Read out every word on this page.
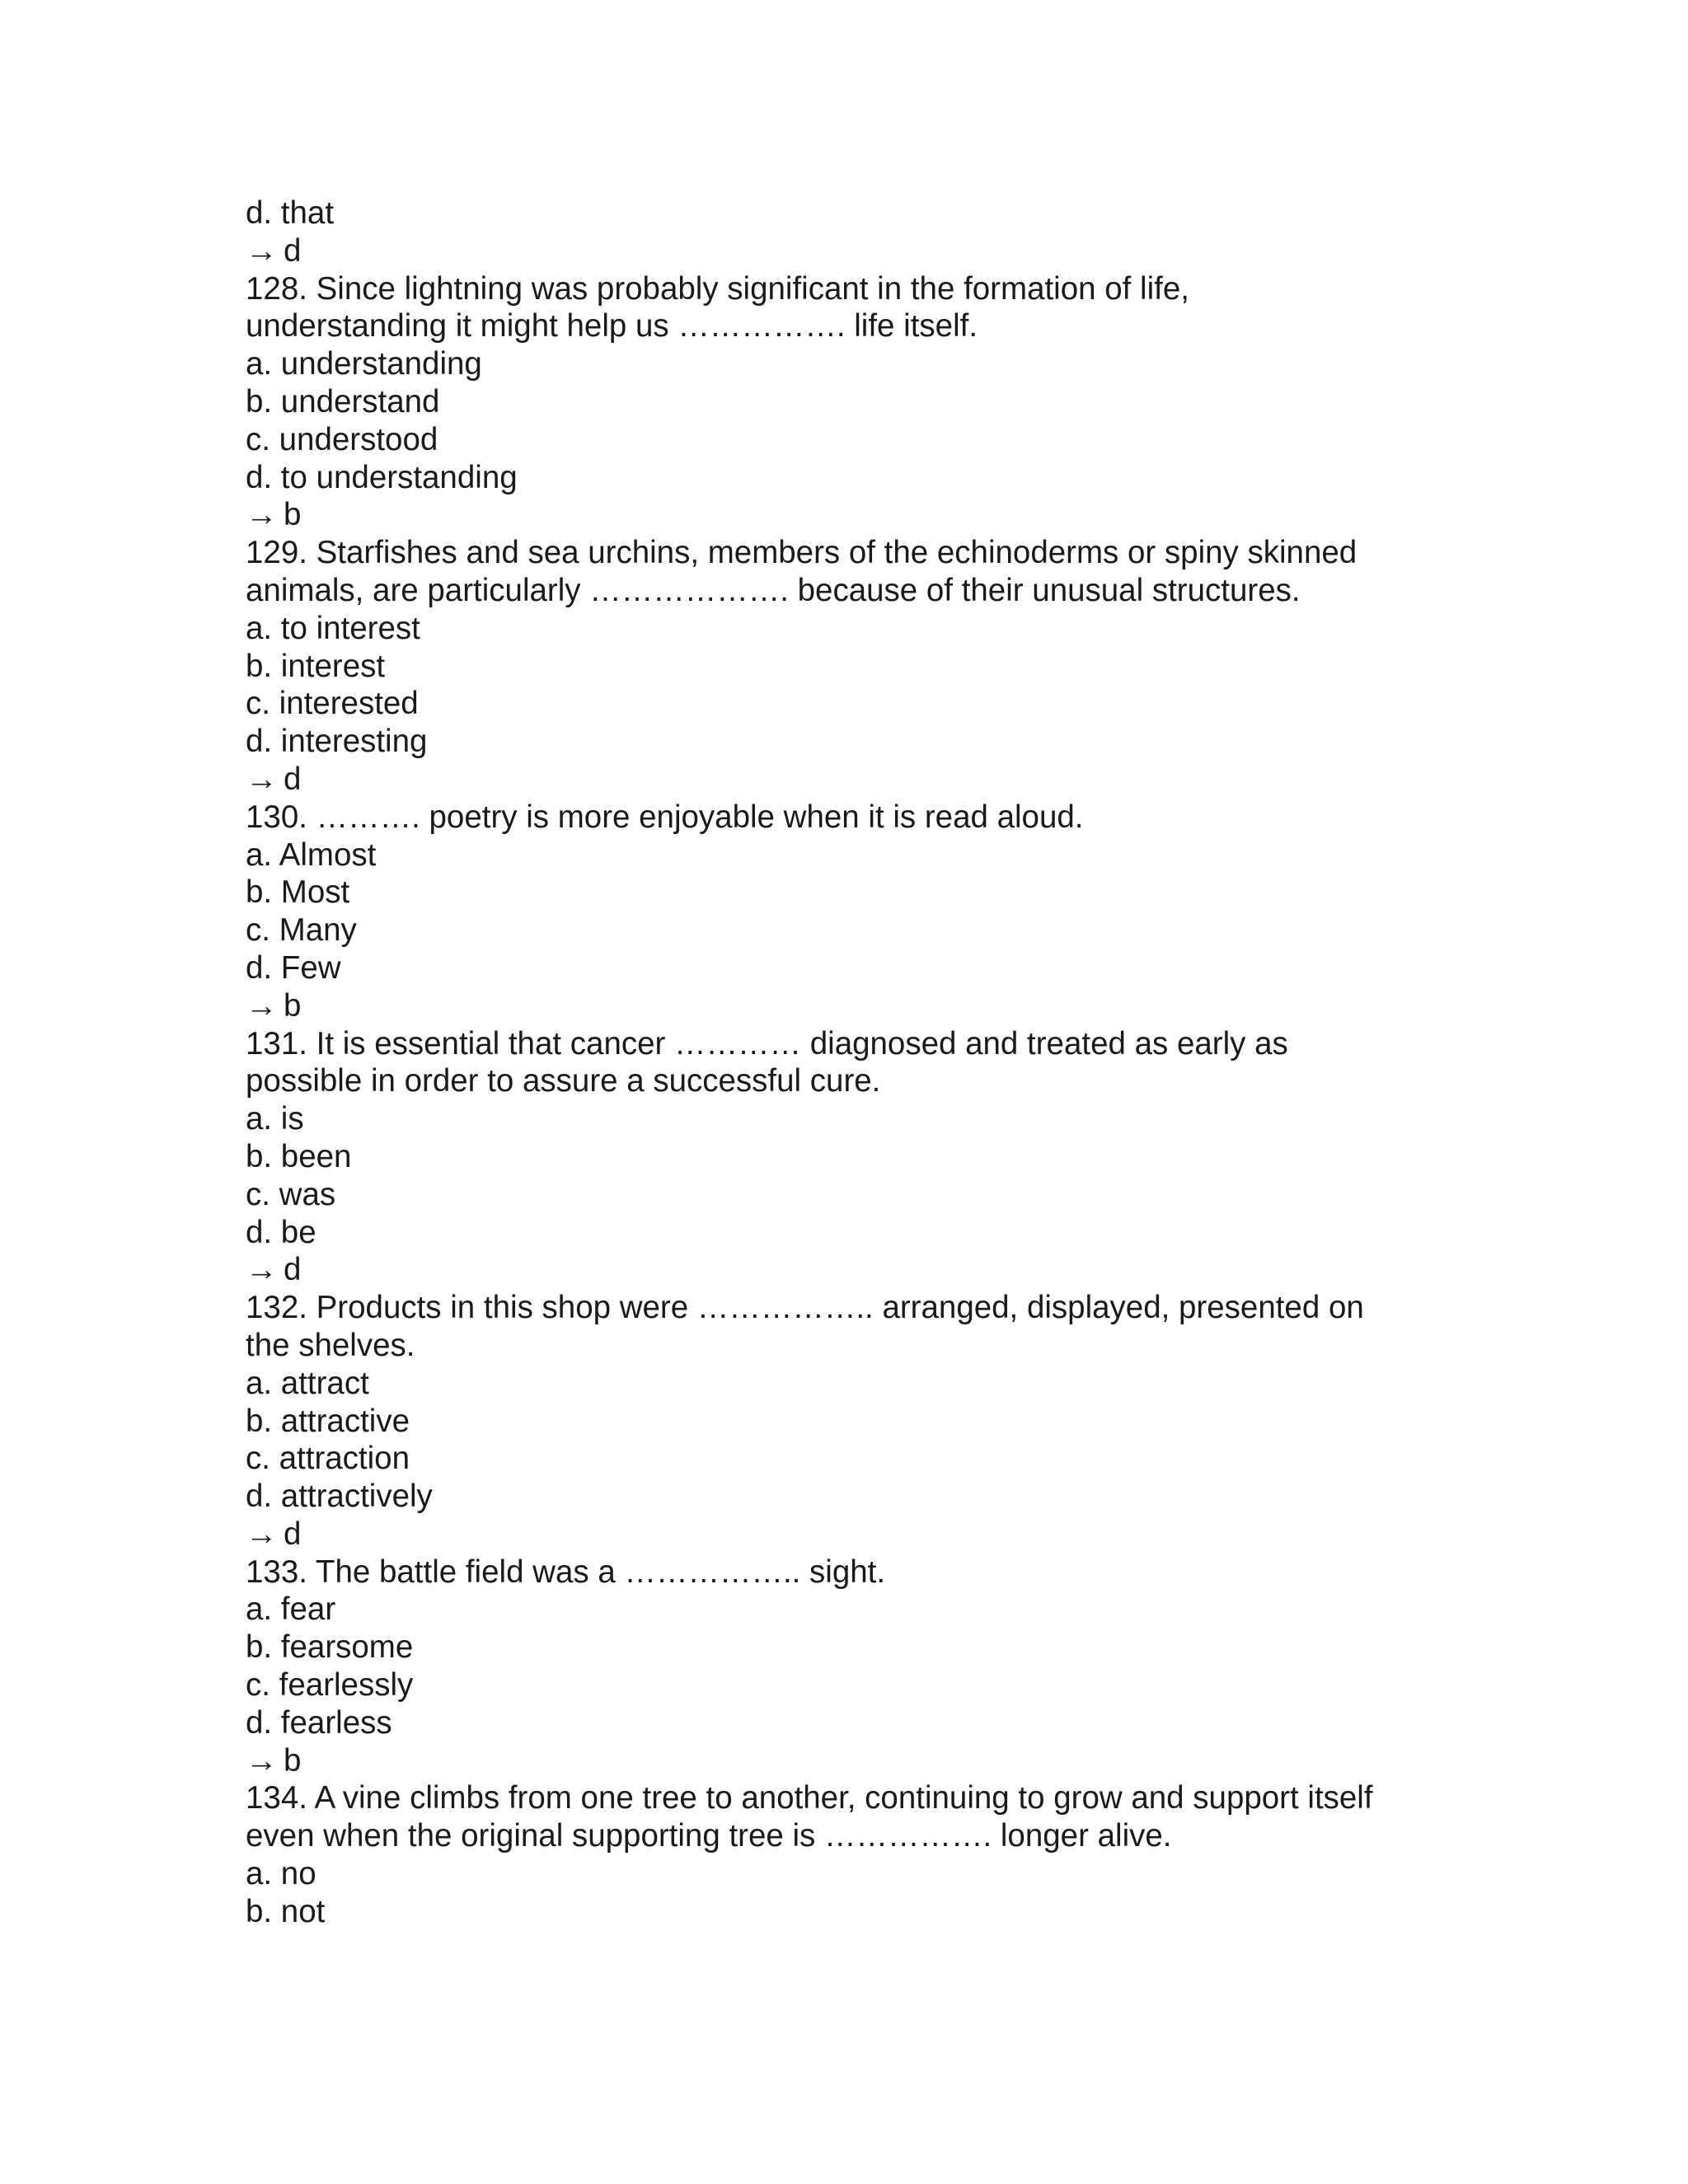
d. that
→ d
128. Since lightning was probably significant in the formation of life,
understanding it might help us ……………. life itself.
a. understanding
b. understand
c. understood
d. to understanding
→ b
129. Starfishes and sea urchins, members of the echinoderms or spiny skinned
animals, are particularly ………………. because of their unusual structures.
a. to interest
b. interest
c. interested
d. interesting
→ d
130. ………. poetry is more enjoyable when it is read aloud.
a. Almost
b. Most
c. Many
d. Few
→ b
131. It is essential that cancer ………… diagnosed and treated as early as
possible in order to assure a successful cure.
a. is
b. been
c. was
d. be
→ d
132. Products in this shop were …………….. arranged, displayed, presented on
the shelves.
a. attract
b. attractive
c. attraction
d. attractively
→ d
133. The battle field was a …………….. sight.
a. fear
b. fearsome
c. fearlessly
d. fearless
→ b
134. A vine climbs from one tree to another, continuing to grow and support itself
even when the original supporting tree is ……………. longer alive.
a. no
b. not
